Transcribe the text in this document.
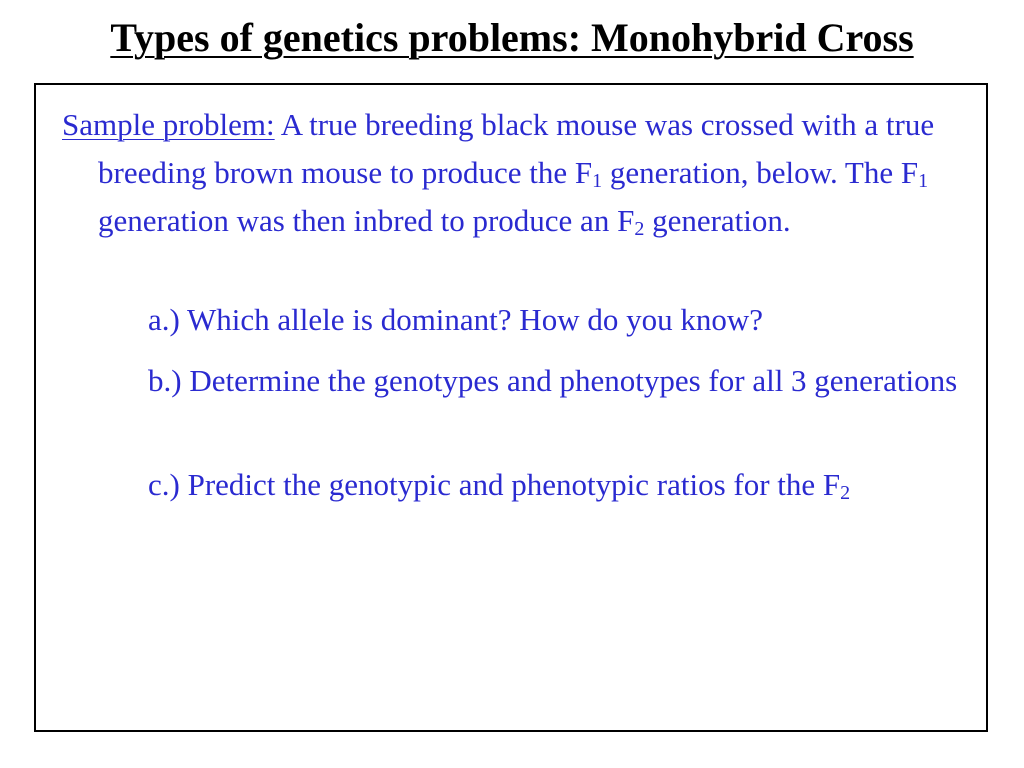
Types of genetics problems: Monohybrid Cross

Sample problem: A true breeding black mouse was crossed with a true breeding brown mouse to produce the $F_1$ generation, below. The $F_1$ generation was then inbred to produce an $F_2$ generation.

a.) Which allele is dominant? How do you know?

b.) Determine the genotypes and phenotypes for all 3 generations

c.) Predict the genotypic and phenotypic ratios for the $F_2$
